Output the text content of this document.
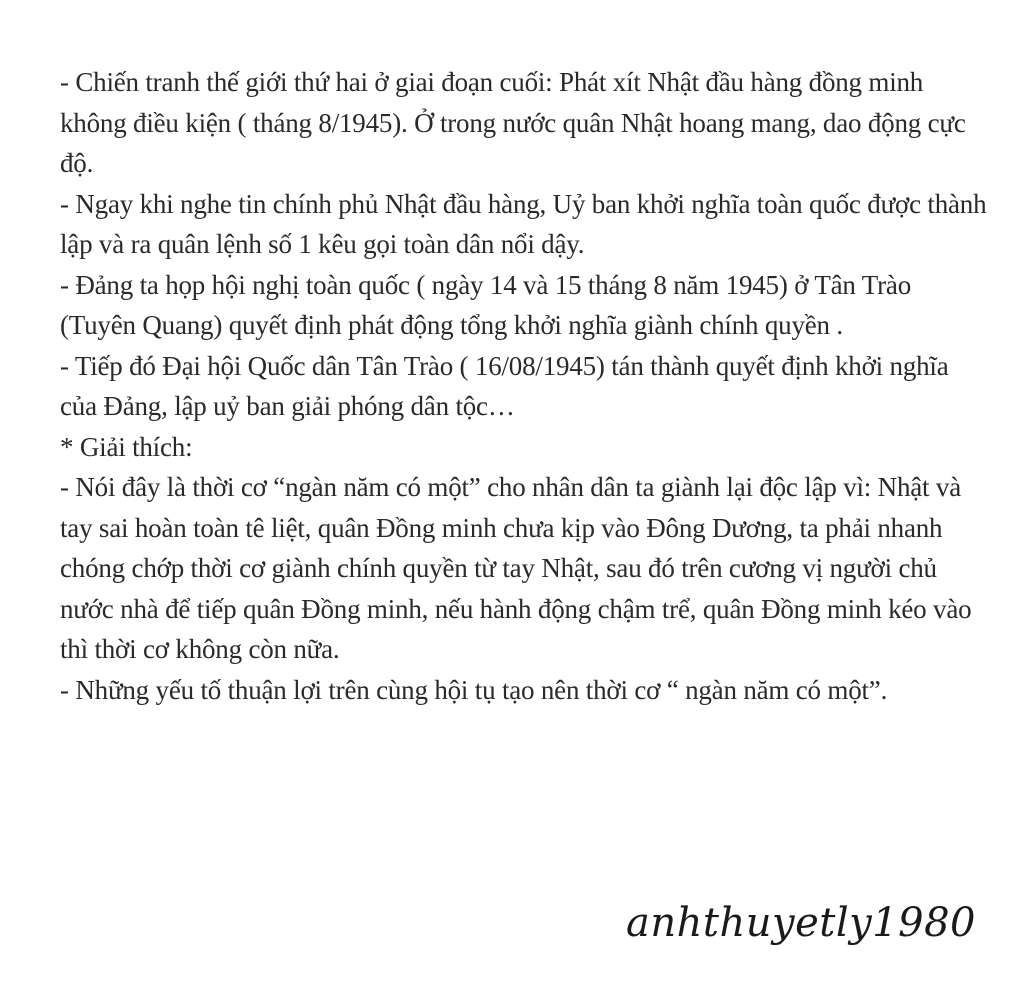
- Chiến tranh thế giới thứ hai ở giai đoạn cuối: Phát xít Nhật đầu hàng đồng minh không điều kiện ( tháng 8/1945). Ở trong nước quân Nhật hoang mang, dao động cực độ.

- Ngay khi nghe tin chính phủ Nhật đầu hàng, Uỷ ban khởi nghĩa toàn quốc được thành lập và ra quân lệnh số 1 kêu gọi toàn dân nổi dậy.

- Đảng ta họp hội nghị toàn quốc ( ngày 14 và 15 tháng 8 năm 1945) ở Tân Trào (Tuyên Quang) quyết định phát động tổng khởi nghĩa giành chính quyền .

- Tiếp đó Đại hội Quốc dân Tân Trào ( 16/08/1945) tán thành quyết định khởi nghĩa của Đảng, lập uỷ ban giải phóng dân tộc…

* Giải thích:

- Nói đây là thời cơ “ngàn năm có một” cho nhân dân ta giành lại độc lập vì: Nhật và tay sai hoàn toàn tê liệt, quân Đồng minh chưa kịp vào Đông Dương, ta phải nhanh chóng chớp thời cơ giành chính quyền từ tay Nhật, sau đó trên cương vị người chủ nước nhà để tiếp quân Đồng minh, nếu hành động chậm trể, quân Đồng minh kéo vào thì thời cơ không còn nữa.

- Những yếu tố thuận lợi trên cùng hội tụ tạo nên thời cơ “ ngàn năm có một”.

anhthuyetly1980
